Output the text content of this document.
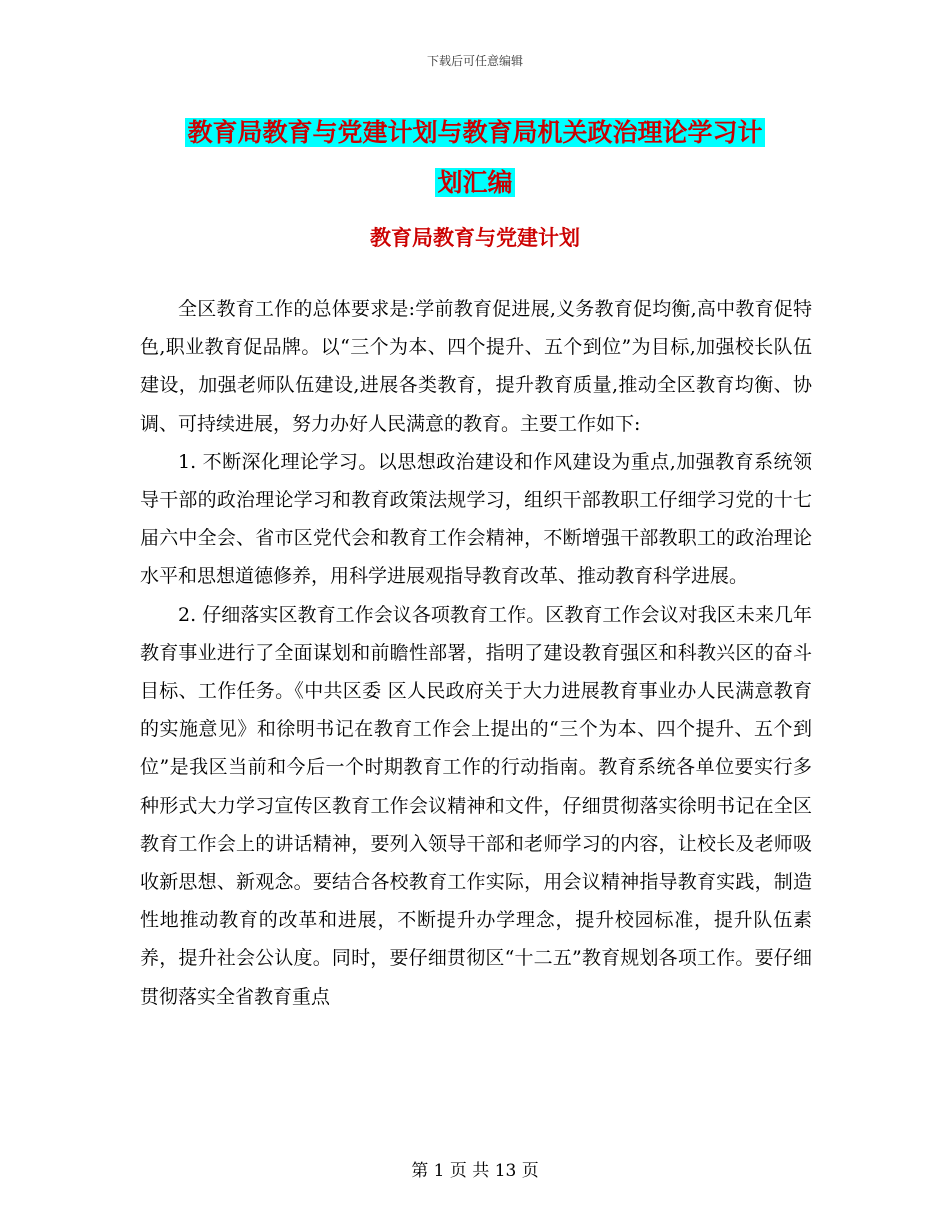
下载后可任意编辑
教育局教育与党建计划与教育局机关政治理论学习计
划汇编
教育局教育与党建计划

全区教育工作的总体要求是:学前教育促进展,义务教育促均衡,高中教育促特色,职业教育促品牌。以“三个为本、四个提升、五个到位”为目标,加强校长队伍建设，加强老师队伍建设,进展各类教育，提升教育质量,推动全区教育均衡、协调、可持续进展，努力办好人民满意的教育。主要工作如下:

1. 不断深化理论学习。以思想政治建设和作风建设为重点,加强教育系统领导干部的政治理论学习和教育政策法规学习，组织干部教职工仔细学习党的十七届六中全会、省市区党代会和教育工作会精神，不断增强干部教职工的政治理论水平和思想道德修养，用科学进展观指导教育改革、推动教育科学进展。

2. 仔细落实区教育工作会议各项教育工作。区教育工作会议对我区未来几年教育事业进行了全面谋划和前瞻性部署，指明了建设教育强区和科教兴区的奋斗目标、工作任务。《中共区委 区人民政府关于大力进展教育事业办人民满意教育的实施意见》和徐明书记在教育工作会上提出的“三个为本、四个提升、五个到位”是我区当前和今后一个时期教育工作的行动指南。教育系统各单位要实行多种形式大力学习宣传区教育工作会议精神和文件，仔细贯彻落实徐明书记在全区教育工作会上的讲话精神，要列入领导干部和老师学习的内容，让校长及老师吸收新思想、新观念。要结合各校教育工作实际，用会议精神指导教育实践，制造性地推动教育的改革和进展，不断提升办学理念，提升校园标准，提升队伍素养，提升社会公认度。同时，要仔细贯彻区“十二五”教育规划各项工作。要仔细贯彻落实全省教育重点

第 1 页 共 13 页
